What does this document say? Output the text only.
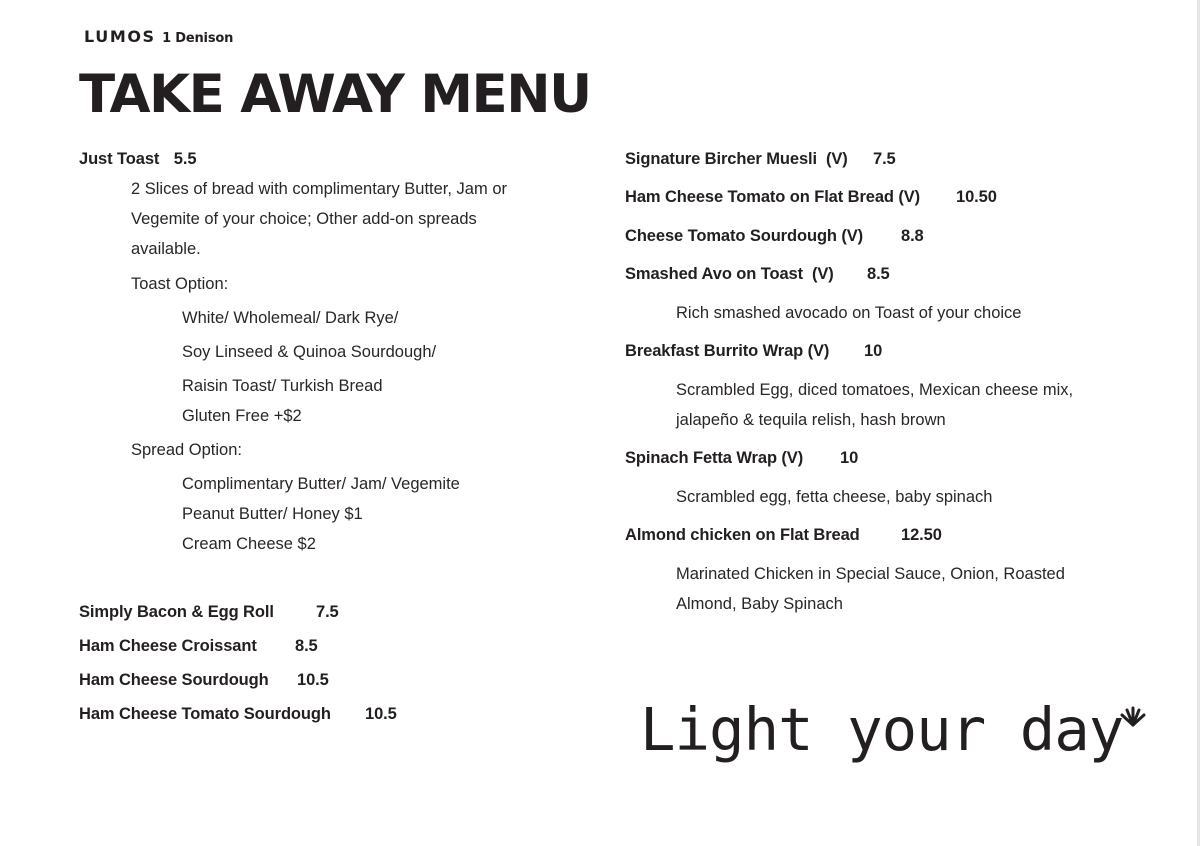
LUMOS 1 Denison
TAKE AWAY MENU
Just Toast 5.5
2 Slices of bread with complimentary Butter, Jam or
Vegemite of your choice; Other add-on spreads
available.
Toast Option:
White/ Wholemeal/ Dark Rye/
Soy Linseed & Quinoa Sourdough/
Raisin Toast/ Turkish Bread
Gluten Free +$2
Spread Option:
Complimentary Butter/ Jam/ Vegemite
Peanut Butter/ Honey $1
Cream Cheese $2
Simply Bacon & Egg Roll	7.5
Ham Cheese Croissant 8.5
Ham Cheese Sourdough 10.5
Ham Cheese Tomato Sourdough 10.5
Signature Bircher Muesli  (V) 7.5
Ham Cheese Tomato on Flat Bread (V) 10.50
Cheese Tomato Sourdough (V) 8.8
Smashed Avo on Toast  (V) 8.5
Rich smashed avocado on Toast of your choice
Breakfast Burrito Wrap (V) 10
Scrambled Egg, diced tomatoes, Mexican cheese mix,
jalapeño & tequila relish, hash brown
Spinach Fetta Wrap (V) 10
Scrambled egg, fetta cheese, baby spinach
Almond chicken on Flat Bread	12.50
Marinated Chicken in Special Sauce, Onion, Roasted
Almond, Baby Spinach
Light your day
